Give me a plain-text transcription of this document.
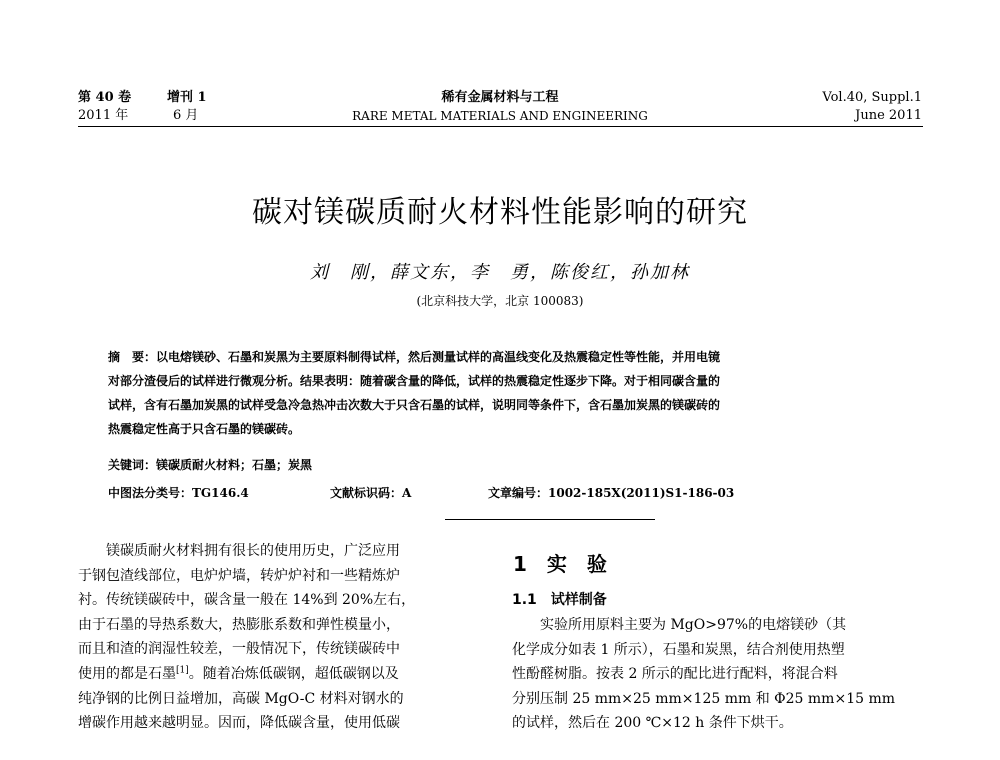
第 40 卷	增刊 1
2011 年	6 月
稀有金属材料与工程
RARE METAL MATERIALS AND ENGINEERING
Vol.40, Suppl.1
June 2011
碳对镁碳质耐火材料性能影响的研究
刘　刚，薛文东，李　勇，陈俊红，孙加林
(北京科技大学，北京 100083)

摘　要：以电熔镁砂、石墨和炭黑为主要原料制得试样，然后测量试样的高温线变化及热震稳定性等性能，并用电镜

对部分渣侵后的试样进行微观分析。结果表明：随着碳含量的降低，试样的热震稳定性逐步下降。对于相同碳含量的

试样，含有石墨加炭黑的试样受急冷急热冲击次数大于只含石墨的试样，说明同等条件下，含石墨加炭黑的镁碳砖的

热震稳定性高于只含石墨的镁碳砖。

关键词：镁碳质耐火材料；石墨；炭黑
中图法分类号：TG146.4	文献标识码：A	文章编号：1002-185X(2011)S1-186-03

　　镁碳质耐火材料拥有很长的使用历史，广泛应用

于钢包渣线部位，电炉炉墙，转炉炉衬和一些精炼炉

衬。传统镁碳砖中，碳含量一般在 14%到 20%左右，

由于石墨的导热系数大，热膨胀系数和弹性模量小，

而且和渣的润湿性较差，一般情况下，传统镁碳砖中

使用的都是石墨[1]。随着冶炼低碳钢，超低碳钢以及

纯净钢的比例日益增加，高碳 MgO-C 材料对钢水的

增碳作用越来越明显。因而，降低碳含量，使用低碳

1　实　验
1.1　试样制备

　　实验所用原料主要为 MgO>97%的电熔镁砂（其

化学成分如表 1 所示），石墨和炭黑，结合剂使用热塑

性酚醛树脂。按表 2 所示的配比进行配料，将混合料

分别压制 25 mm×25 mm×125 mm 和 Φ25 mm×15 mm

的试样，然后在 200 ℃×12 h 条件下烘干。
